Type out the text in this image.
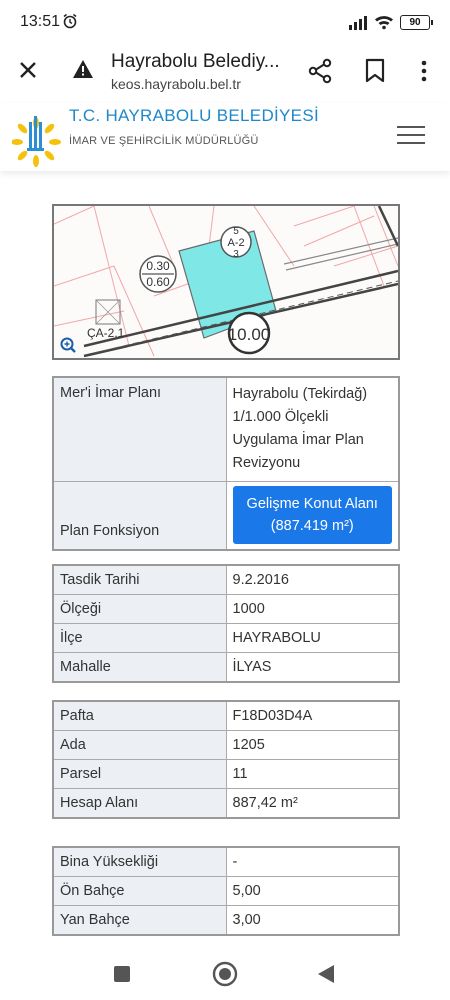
13:51	90
Hayrabolu Belediy...
keos.hayrabolu.bel.tr
T.C. HAYRABOLU BELEDİYESİ
İMAR VE ŞEHİRCİLİK MÜDÜRLÜĞÜ
0.30
0.60
5
A-2
3
10.00
ÇA-2.1
Mer'i İmar Planı	Hayrabolu (Tekirdağ) 1/1.000 Ölçekli Uygulama İmar Plan Revizyonu
Plan Fonksiyon	Gelişme Konut Alanı (887.419 m²)
Tasdik Tarihi	9.2.2016
Ölçeği	1000
İlçe	HAYRABOLU
Mahalle	İLYAS
Pafta	F18D03D4A
Ada	1205
Parsel	11
Hesap Alanı	887,42 m²
Bina Yüksekliği	-
Ön Bahçe	5,00
Yan Bahçe	3,00
